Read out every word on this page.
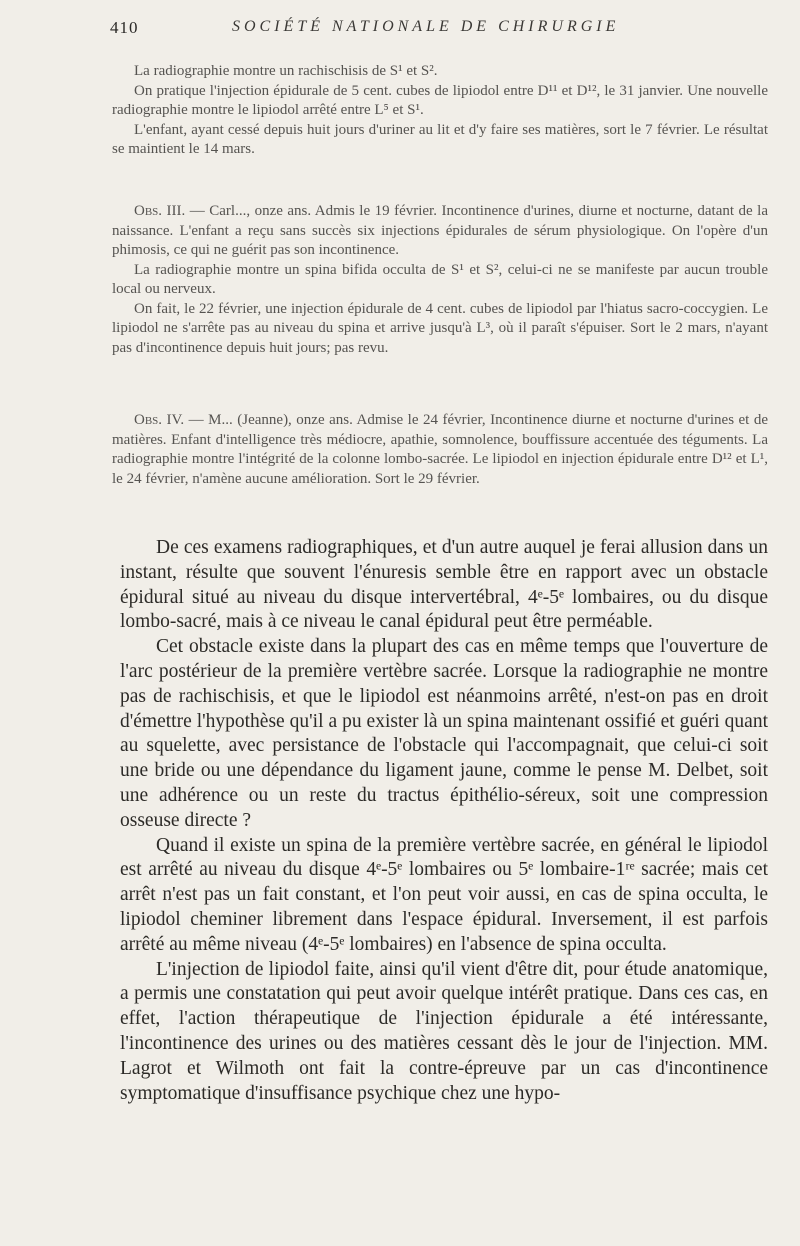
410	SOCIÉTÉ NATIONALE DE CHIRURGIE

La radiographie montre un rachischisis de S¹ et S².

On pratique l'injection épidurale de 5 cent. cubes de lipiodol entre D¹¹ et D¹², le 31 janvier. Une nouvelle radiographie montre le lipiodol arrêté entre L⁵ et S¹.

L'enfant, ayant cessé depuis huit jours d'uriner au lit et d'y faire ses matières, sort le 7 février. Le résultat se maintient le 14 mars.

Obs. III. — Carl..., onze ans. Admis le 19 février. Incontinence d'urines, diurne et nocturne, datant de la naissance. L'enfant a reçu sans succès six injections épidurales de sérum physiologique. On l'opère d'un phimosis, ce qui ne guérit pas son incontinence.

La radiographie montre un spina bifida occulta de S¹ et S², celui-ci ne se manifeste par aucun trouble local ou nerveux.

On fait, le 22 février, une injection épidurale de 4 cent. cubes de lipiodol par l'hiatus sacro-coccygien. Le lipiodol ne s'arrête pas au niveau du spina et arrive jusqu'à L³, où il paraît s'épuiser. Sort le 2 mars, n'ayant pas d'incontinence depuis huit jours; pas revu.

Obs. IV. — M... (Jeanne), onze ans. Admise le 24 février, Incontinence diurne et nocturne d'urines et de matières. Enfant d'intelligence très médiocre, apathie, somnolence, bouffissure accentuée des téguments. La radiographie montre l'intégrité de la colonne lombo-sacrée. Le lipiodol en injection épidurale entre D¹² et L¹, le 24 février, n'amène aucune amélioration. Sort le 29 février.

De ces examens radiographiques, et d'un autre auquel je ferai allusion dans un instant, résulte que souvent l'énuresis semble être en rapport avec un obstacle épidural situé au niveau du disque intervertébral, 4ᵉ-5ᵉ lombaires, ou du disque lombo-sacré, mais à ce niveau le canal épidural peut être perméable.

Cet obstacle existe dans la plupart des cas en même temps que l'ouverture de l'arc postérieur de la première vertèbre sacrée. Lorsque la radiographie ne montre pas de rachischisis, et que le lipiodol est néanmoins arrêté, n'est-on pas en droit d'émettre l'hypothèse qu'il a pu exister là un spina maintenant ossifié et guéri quant au squelette, avec persistance de l'obstacle qui l'accompagnait, que celui-ci soit une bride ou une dépendance du ligament jaune, comme le pense M. Delbet, soit une adhérence ou un reste du tractus épithélio-séreux, soit une compression osseuse directe ?

Quand il existe un spina de la première vertèbre sacrée, en général le lipiodol est arrêté au niveau du disque 4ᵉ-5ᵉ lombaires ou 5ᵉ lombaire-1ʳᵉ sacrée; mais cet arrêt n'est pas un fait constant, et l'on peut voir aussi, en cas de spina occulta, le lipiodol cheminer librement dans l'espace épidural. Inversement, il est parfois arrêté au même niveau (4ᵉ-5ᵉ lombaires) en l'absence de spina occulta.

L'injection de lipiodol faite, ainsi qu'il vient d'être dit, pour étude anatomique, a permis une constatation qui peut avoir quelque intérêt pratique. Dans ces cas, en effet, l'action thérapeutique de l'injection épidurale a été intéressante, l'incontinence des urines ou des matières cessant dès le jour de l'injection. MM. Lagrot et Wilmoth ont fait la contre-épreuve par un cas d'incontinence symptomatique d'insuffisance psychique chez une hypo-
